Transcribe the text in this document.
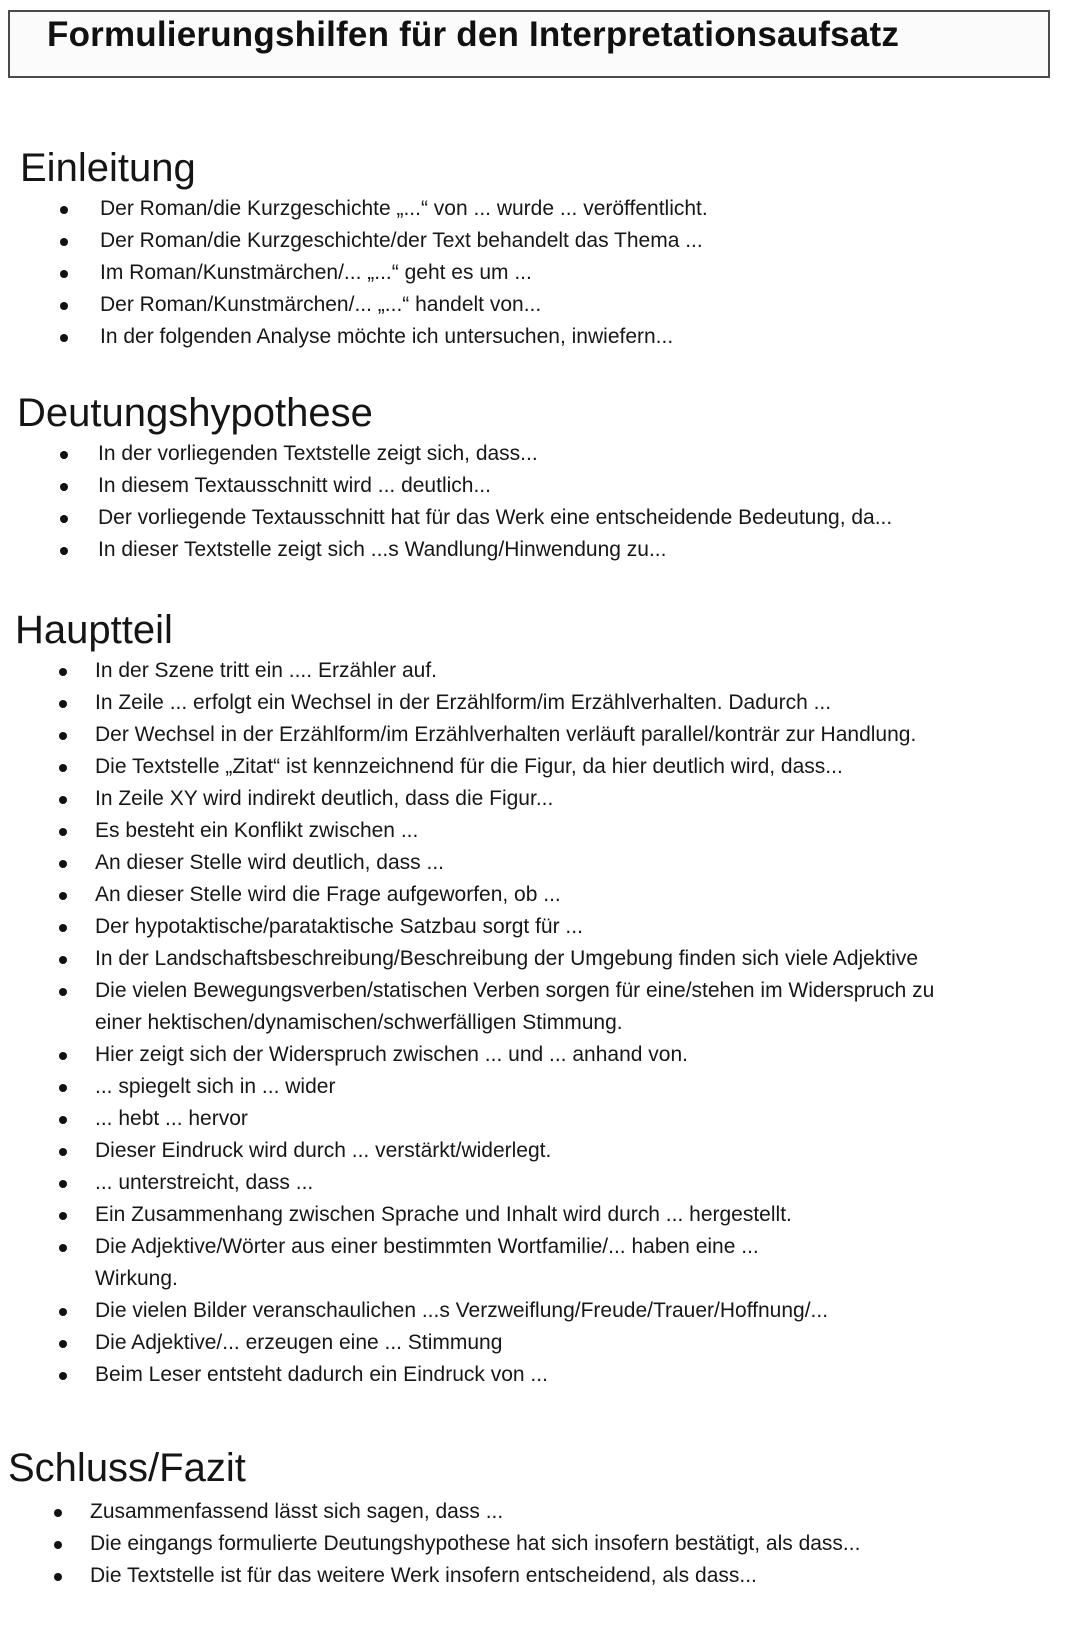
Formulierungshilfen für den Interpretationsaufsatz
Einleitung
Der Roman/die Kurzgeschichte „...“ von ... wurde ... veröffentlicht.
Der Roman/die Kurzgeschichte/der Text behandelt das Thema ...
Im Roman/Kunstmärchen/... „...“ geht es um ...
Der Roman/Kunstmärchen/... „...“ handelt von...
In der folgenden Analyse möchte ich untersuchen, inwiefern...
Deutungshypothese
In der vorliegenden Textstelle zeigt sich, dass...
In diesem Textausschnitt wird ... deutlich...
Der vorliegende Textausschnitt hat für das Werk eine entscheidende Bedeutung, da...
In dieser Textstelle zeigt sich ...s Wandlung/Hinwendung zu...
Hauptteil
In der Szene tritt ein .... Erzähler auf.
In Zeile ... erfolgt ein Wechsel in der Erzählform/im Erzählverhalten. Dadurch ...
Der Wechsel in der Erzählform/im Erzählverhalten verläuft parallel/konträr zur Handlung.
Die Textstelle „Zitat“ ist kennzeichnend für die Figur, da hier deutlich wird, dass...
In Zeile XY wird indirekt deutlich, dass die Figur...
Es besteht ein Konflikt zwischen ...
An dieser Stelle wird deutlich, dass ...
An dieser Stelle wird die Frage aufgeworfen, ob ...
Der hypotaktische/parataktische Satzbau sorgt für ...
In der Landschaftsbeschreibung/Beschreibung der Umgebung finden sich viele Adjektive
Die vielen Bewegungsverben/statischen Verben sorgen für eine/stehen im Widerspruch zu einer hektischen/dynamischen/schwerfälligen Stimmung.
Hier zeigt sich der Widerspruch zwischen ... und ... anhand von.
... spiegelt sich in ... wider
... hebt ... hervor
Dieser Eindruck wird durch ... verstärkt/widerlegt.
... unterstreicht, dass ...
Ein Zusammenhang zwischen Sprache und Inhalt wird durch ... hergestellt.
Die Adjektive/Wörter aus einer bestimmten Wortfamilie/... haben eine ... Wirkung.
Die vielen Bilder veranschaulichen ...s Verzweiflung/Freude/Trauer/Hoffnung/...
Die Adjektive/... erzeugen eine ... Stimmung
Beim Leser entsteht dadurch ein Eindruck von ...
Schluss/Fazit
Zusammenfassend lässt sich sagen, dass ...
Die eingangs formulierte Deutungshypothese hat sich insofern bestätigt, als dass...
Die Textstelle ist für das weitere Werk insofern entscheidend, als dass...
